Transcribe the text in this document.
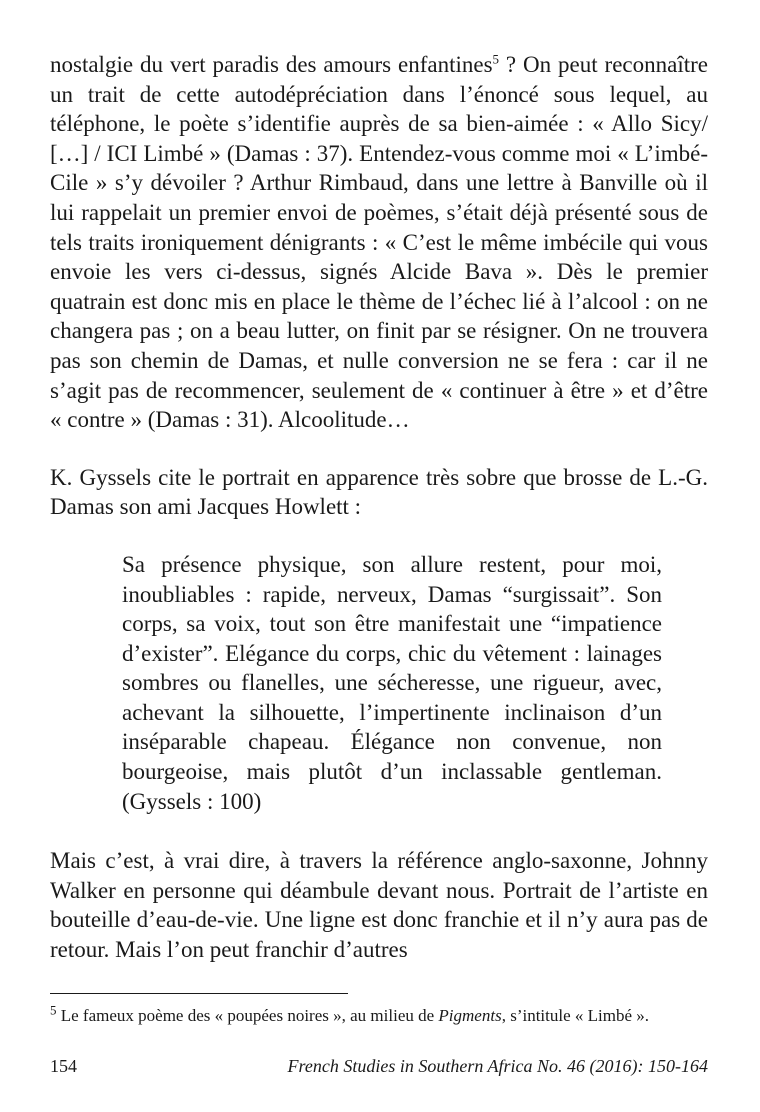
nostalgie du vert paradis des amours enfantines$^5$ ? On peut reconnaître un trait de cette autodépréciation dans l’énoncé sous lequel, au téléphone, le poète s’identifie auprès de sa bien-aimée : « Allo Sicy/ […] / ICI Limbé » (Damas : 37). Entendez-vous comme moi « L’imbé-Cile » s’y dévoiler ? Arthur Rimbaud, dans une lettre à Banville où il lui rappelait un premier envoi de poèmes, s’était déjà présenté sous de tels traits ironiquement dénigrants : « C’est le même imbécile qui vous envoie les vers ci-dessus, signés Alcide Bava ». Dès le premier quatrain est donc mis en place le thème de l’échec lié à l’alcool : on ne changera pas ; on a beau lutter, on finit par se résigner. On ne trouvera pas son chemin de Damas, et nulle conversion ne se fera : car il ne s’agit pas de recommencer, seulement de « continuer à être » et d’être « contre » (Damas : 31). Alcoolitude…

K. Gyssels cite le portrait en apparence très sobre que brosse de L.-G. Damas son ami Jacques Howlett :

Sa présence physique, son allure restent, pour moi, inoubliables : rapide, nerveux, Damas “surgissait”. Son corps, sa voix, tout son être manifestait une “impatience d’exister”. Elégance du corps, chic du vêtement : lainages sombres ou flanelles, une sécheresse, une rigueur, avec, achevant la silhouette, l’impertinente inclinaison d’un inséparable chapeau. Élégance non convenue, non bourgeoise, mais plutôt d’un inclassable gentleman. (Gyssels : 100)

Mais c’est, à vrai dire, à travers la référence anglo-saxonne, Johnny Walker en personne qui déambule devant nous. Portrait de l’artiste en bouteille d’eau-de-vie. Une ligne est donc franchie et il n’y aura pas de retour. Mais l’on peut franchir d’autres

$^5$ Le fameux poème des « poupées noires », au milieu de Pigments, s’intitule « Limbé ».

154	French Studies in Southern Africa No. 46 (2016): 150-164
